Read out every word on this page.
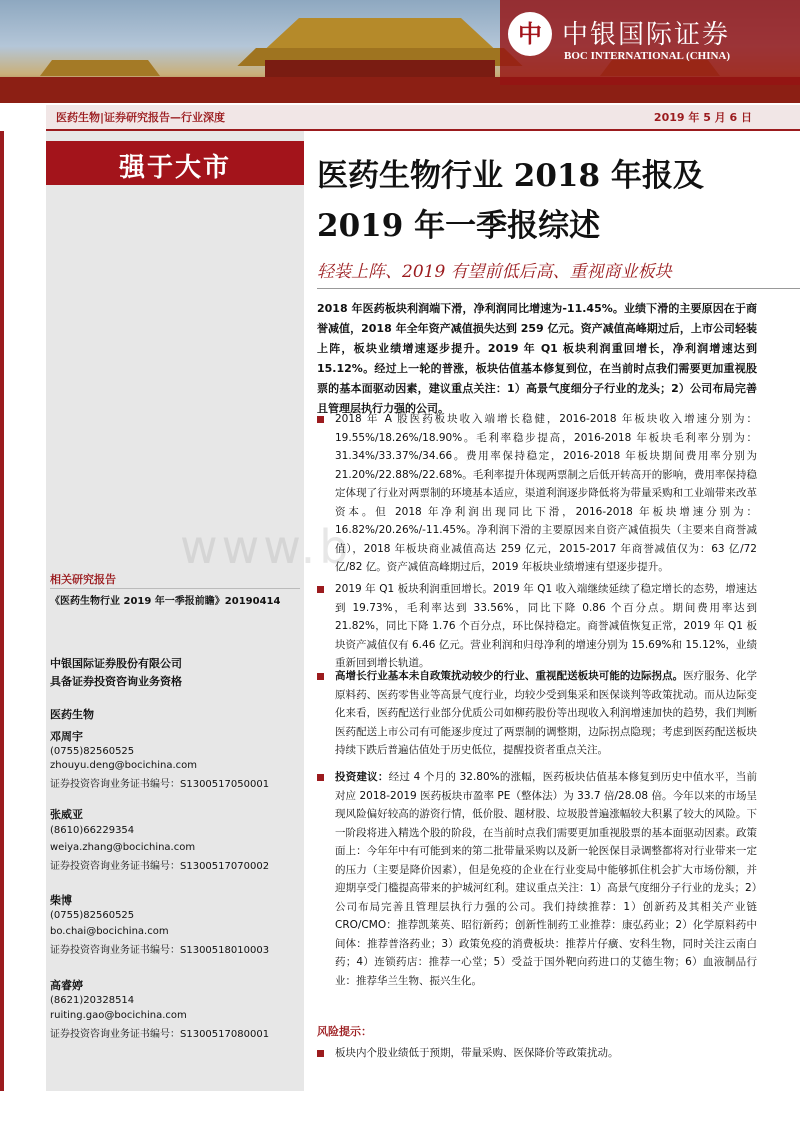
中 中银国际证券
BOC INTERNATIONAL (CHINA)
医药生物|证券研究报告—行业深度	2019 年 5 月 6 日
强于大市
相关研究报告
《医药生物行业 2019 年一季报前瞻》20190414
中银国际证券股份有限公司
具备证券投资咨询业务资格
医药生物
邓周宇
(0755)82560525
zhouyu.deng@bocichina.com
证券投资咨询业务证书编号：S1300517050001
张威亚
(8610)66229354
weiya.zhang@bocichina.com
证券投资咨询业务证书编号：S1300517070002
柴博
(0755)82560525
bo.chai@bocichina.com
证券投资咨询业务证书编号：S1300518010003
高睿婷
(8621)20328514
ruiting.gao@bocichina.com
证券投资咨询业务证书编号：S1300517080001
医药生物行业 2018 年报及
2019 年一季报综述
轻装上阵、2019 有望前低后高、重视商业板块
www.b
2018 年医药板块利润端下滑，净利润同比增速为-11.45%。业绩下滑的主要原因在于商誉减值，2018 年全年资产减值损失达到 259 亿元。资产减值高峰期过后，上市公司轻装上阵，板块业绩增速逐步提升。2019 年 Q1 板块利润重回增长，净利润增速达到 15.12%。经过上一轮的普涨，板块估值基本修复到位，在当前时点我们需要更加重视股票的基本面驱动因素，建议重点关注：1）高景气度细分子行业的龙头；2）公司布局完善且管理层执行力强的公司。
2018 年 A 股医药板块收入端增长稳健，2016-2018 年板块收入增速分别为：19.55%/18.26%/18.90%。毛利率稳步提高，2016-2018 年板块毛利率分别为：31.34%/33.37%/34.66。费用率保持稳定，2016-2018 年板块期间费用率分别为 21.20%/22.88%/22.68%。毛利率提升体现两票制之后低开转高开的影响，费用率保持稳定体现了行业对两票制的环境基本适应，渠道利润逐步降低将为带量采购和工业端带来改革资本。但 2018 年净利润出现同比下滑，2016-2018 年板块增速分别为：16.82%/20.26%/-11.45%。净利润下滑的主要原因来自资产减值损失（主要来自商誉减值），2018 年板块商业减值高达 259 亿元，2015-2017 年商誉减值仅为：63 亿/72 亿/82 亿。资产减值高峰期过后，2019 年板块业绩增速有望逐步提升。
2019 年 Q1 板块利润重回增长。2019 年 Q1 收入端继续延续了稳定增长的态势，增速达到 19.73%，毛利率达到 33.56%，同比下降 0.86 个百分点。期间费用率达到 21.82%，同比下降 1.76 个百分点，环比保持稳定。商誉减值恢复正常，2019 年 Q1 板块资产减值仅有 6.46 亿元。营业利润和归母净利的增速分别为 15.69%和 15.12%，业绩重新回到增长轨道。
高增长行业基本未自政策扰动较少的行业、重视配送板块可能的边际拐点。医疗服务、化学原料药、医药零售业等高景气度行业，均较少受到集采和医保谈判等政策扰动。而从边际变化来看，医药配送行业部分优质公司如柳药股份等出现收入利润增速加快的趋势，我们判断医药配送上市公司有可能逐步度过了两票制的调整期，边际拐点隐现；考虑到医药配送板块持续下跌后普遍估值处于历史低位，提醒投资者重点关注。
投资建议：经过 4 个月的 32.80%的涨幅，医药板块估值基本修复到历史中值水平，当前对应 2018-2019 医药板块市盈率 PE（整体法）为 33.7 倍/28.08 倍。今年以来的市场呈现风险偏好较高的游资行情，低价股、题材股、垃圾股普遍涨幅较大积累了较大的风险。下一阶段将进入精选个股的阶段，在当前时点我们需要更加重视股票的基本面驱动因素。政策面上：今年年中有可能到来的第二批带量采购以及新一轮医保目录调整都将对行业带来一定的压力（主要是降价因素），但是免疫的企业在行业变局中能够抓住机会扩大市场份额，并迎期享受门槛提高带来的护城河红利。建议重点关注：1）高景气度细分子行业的龙头；2）公司布局完善且管理层执行力强的公司。我们持续推荐：1）创新药及其相关产业链 CRO/CMO：推荐凯莱英、昭衍新药；创新性制药工业推荐：康弘药业；2）化学原料药中间体：推荐普洛药业；3）政策免疫的消费板块：推荐片仔癀、安科生物，同时关注云南白药；4）连锁药店：推荐一心堂；5）受益于国外靶向药进口的艾德生物；6）血液制品行业：推荐华兰生物、振兴生化。
风险提示：
板块内个股业绩低于预期，带量采购、医保降价等政策扰动。
